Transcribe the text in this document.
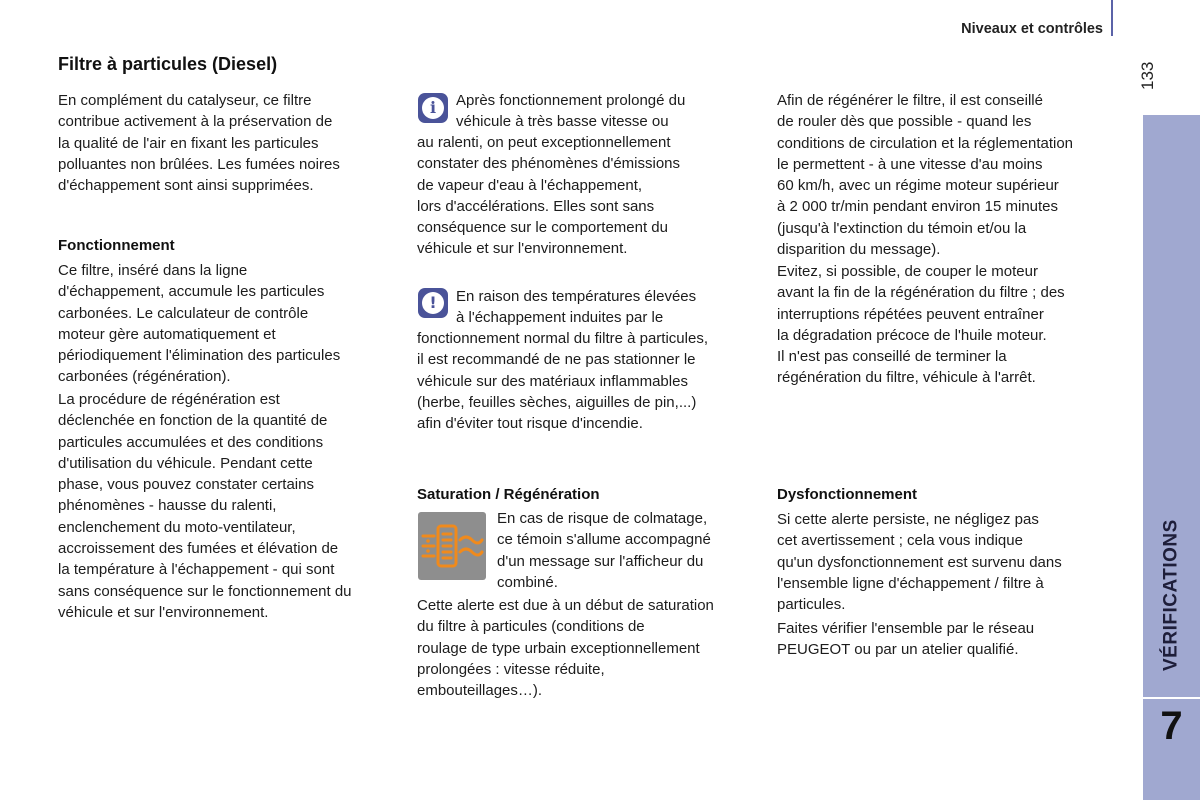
Niveaux et contrôles
133
VÉRIFICATIONS
7
Filtre à particules (Diesel)
En complément du catalyseur, ce filtre
contribue activement à la préservation de
la qualité de l'air en fixant les particules
polluantes non brûlées. Les fumées noires
d'échappement sont ainsi supprimées.
Fonctionnement
Ce filtre, inséré dans la ligne
d'échappement, accumule les particules
carbonées. Le calculateur de contrôle
moteur gère automatiquement et
périodiquement l'élimination des particules
carbonées (régénération).
La procédure de régénération est
déclenchée en fonction de la quantité de
particules accumulées et des conditions
d'utilisation du véhicule. Pendant cette
phase, vous pouvez constater certains
phénomènes - hausse du ralenti,
enclenchement du moto-ventilateur,
accroissement des fumées et élévation de
la température à l'échappement - qui sont
sans conséquence sur le fonctionnement du
véhicule et sur l'environnement.
i	Après fonctionnement prolongé du
véhicule à très basse vitesse ou
au ralenti, on peut exceptionnellement
constater des phénomènes d'émissions
de vapeur d'eau à l'échappement,
lors d'accélérations. Elles sont sans
conséquence sur le comportement du
véhicule et sur l'environnement.
!	En raison des températures élevées
à l'échappement induites par le
fonctionnement normal du filtre à particules,
il est recommandé de ne pas stationner le
véhicule sur des matériaux inflammables
(herbe, feuilles sèches, aiguilles de pin,...)
afin d'éviter tout risque d'incendie.
Saturation / Régénération
En cas de risque de colmatage,
ce témoin s'allume accompagné
d'un message sur l'afficheur du
combiné.
Cette alerte est due à un début de saturation
du filtre à particules (conditions de
roulage de type urbain exceptionnellement
prolongées : vitesse réduite,
embouteillages…).
Afin de régénérer le filtre, il est conseillé
de rouler dès que possible - quand les
conditions de circulation et la réglementation
le permettent - à une vitesse d'au moins
60 km/h, avec un régime moteur supérieur
à 2 000 tr/min pendant environ 15 minutes
(jusqu'à l'extinction du témoin et/ou la
disparition du message).
Evitez, si possible, de couper le moteur
avant la fin de la régénération du filtre ; des
interruptions répétées peuvent entraîner
la dégradation précoce de l'huile moteur.
Il n'est pas conseillé de terminer la
régénération du filtre, véhicule à l'arrêt.
Dysfonctionnement
Si cette alerte persiste, ne négligez pas
cet avertissement ; cela vous indique
qu'un dysfonctionnement est survenu dans
l'ensemble ligne d'échappement / filtre à
particules.
Faites vérifier l'ensemble par le réseau
PEUGEOT ou par un atelier qualifié.
